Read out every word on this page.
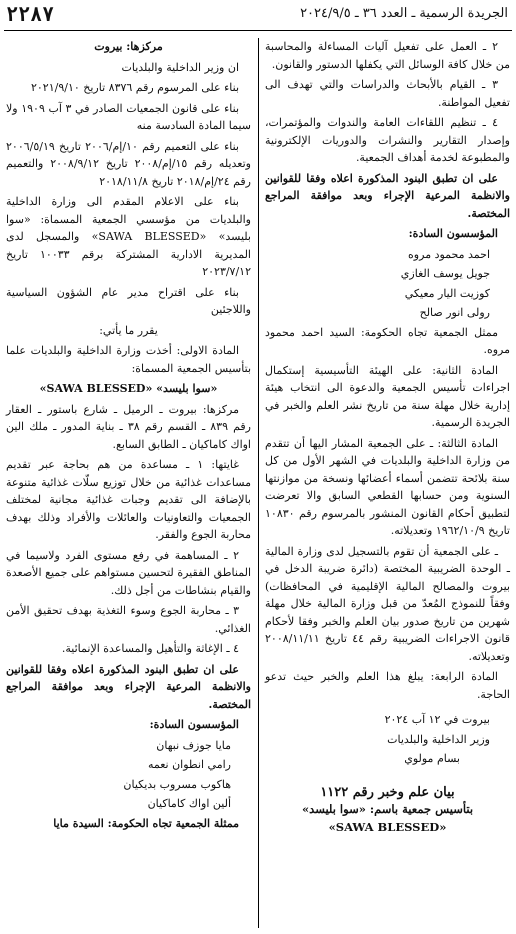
الجريدة الرسمية ـ العدد ٣٦ ـ ٢٠٢٤/٩/٥
٢٢٨٧

٢ ـ العمل على تفعيل آليات المساءلة والمحاسبة من خلال كافة الوسائل التي يكفلها الدستور والقانون.

٣ ـ القيام بالأبحاث والدراسات والتي تهدف الى تفعيل المواطنة.

٤ ـ تنظيم اللقاءات العامة والندوات والمؤتمرات، وإصدار التقارير والنشرات والدوريات الإلكترونية والمطبوعة لخدمة أهداف الجمعية.

على ان تطبق البنود المذكورة اعلاه وفقا للقوانين والانظمة المرعية الإجراء وبعد موافقة المراجع المختصة.

المؤسسون السادة:

احمد محمود مروه

جويل يوسف الغازي

كوزيت اليار معيكي

رولى انور صالح

ممثل الجمعية تجاه الحكومة: السيد احمد محمود مروه.

المادة الثانية: على الهيئة التأسيسية إستكمال اجراءات تأسيس الجمعية والدعوة الى انتخاب هيئة إدارية خلال مهلة سنة من تاريخ نشر العلم والخبر في الجريدة الرسمية.

المادة الثالثة: ـ على الجمعية المشار اليها أن تتقدم من وزارة الداخلية والبلديات في الشهر الأول من كل سنة بلائحة تتضمن أسماء أعضائها ونسخة من موازنتها السنوية ومن حسابها القطعي السابق والا تعرضت لتطبيق أحكام القانون المنشور بالمرسوم رقم ١٠٨٣٠ تاريخ ١٩٦٢/١٠/٩ وتعديلاته.

ـ على الجمعية أن تقوم بالتسجيل لدى وزارة المالية ـ الوحدة الضريبية المختصة (دائرة ضريبة الدخل في بيروت والمصالح المالية الإقليمية في المحافظات) وفقاً للنموذج المُعدّ من قبل وزارة المالية خلال مهلة شهرين من تاريخ صدور بيان العلم والخبر وفقا لأحكام قانون الاجراءات الضريبية رقم ٤٤ تاريخ ٢٠٠٨/١١/١١ وتعديلاته.

المادة الرابعة: يبلغ هذا العلم والخبر حيث تدعو الحاجة.

بيروت في ١٢ آب ٢٠٢٤

وزير الداخلية والبلديات

بسام مولوي

بيان علم وخبر رقم ١١٢٢
بتأسيس جمعية باسم: «سوا بليسد»
«SAWA BLESSED»

مركزها: بيروت

ان وزير الداخلية والبلديات

بناء على المرسوم رقم ٨٣٧٦ تاريخ ٢٠٢١/٩/١٠

بناء على قانون الجمعيات الصادر في ٣ آب ١٩٠٩ ولا سيما المادة السادسة منه

بناء على التعميم رقم ١٠/إم/٢٠٠٦ تاريخ ٢٠٠٦/٥/١٩ وتعديله رقم ١٥/إم/٢٠٠٨ تاريخ ٢٠٠٨/٩/١٢ والتعميم رقم ٢٤/إم/٢٠١٨ تاريخ ٢٠١٨/١١/٨

بناء على الاعلام المقدم الى وزارة الداخلية والبلديات من مؤسسي الجمعية المسماة: «سوا بليسد» «SAWA BLESSED» والمسجل لدى المديرية الادارية المشتركة برقم ١٠٠٣٣ تاريخ ٢٠٢٣/٧/١٢

بناء على اقتراح مدير عام الشؤون السياسية واللاجئين

يقرر ما يأتي:

المادة الاولى: أخذت وزارة الداخلية والبلديات علما بتأسيس الجمعية المسماة:

«سوا بليسد» «SAWA BLESSED»

مركزها: بيروت ـ الرميل ـ شارع باستور ـ العقار رقم ٨٣٩ ـ القسم رقم ٣٨ ـ بناية المدور ـ ملك الين اواك كاماكيان ـ الطابق السابع.

غايتها: ١ ـ مساعدة من هم بحاجة عبر تقديم مساعدات غذائية من خلال توزيع سلّات غذائية متنوعة بالإضافة الى تقديم وجبات غذائية مجانية لمختلف الجمعيات والتعاونيات والعائلات والأفراد وذلك بهدف محاربة الجوع والفقر.

٢ ـ المساهمة في رفع مستوى الفرد ولاسيما في المناطق الفقيرة لتحسين مستواهم على جميع الأصعدة والقيام بنشاطات من أجل ذلك.

٣ ـ محاربة الجوع وسوء التغذية بهدف تحقيق الأمن الغذائي.

٤ ـ الإغاثة والتأهيل والمساعدة الإنمائية.

على ان تطبق البنود المذكورة اعلاه وفقا للقوانين والانظمة المرعية الإجراء وبعد موافقة المراجع المختصة.

المؤسسون السادة:

مايا جوزف نبهان

رامي انطوان نعمه

هاكوب مسروب بديكيان

ألين اواك كاماكيان

ممثلة الجمعية تجاه الحكومة: السيدة مايا
